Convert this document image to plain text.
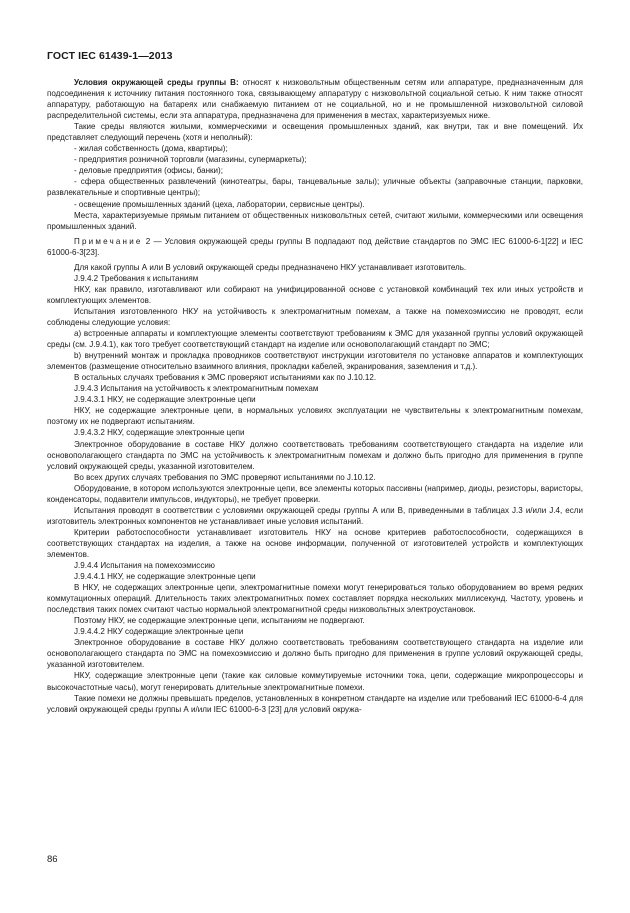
ГОСТ IEC 61439-1—2013

Условия окружающей среды группы В: относят к низковольтным общественным сетям или аппаратуре, предназначенным для подсоединения к источнику питания постоянного тока, связывающему аппаратуру с низковольтной социальной сетью. К ним также относят аппаратуру, работающую на батареях или снабжаемую питанием от не социальной, но и не промышленной низковольтной силовой распределительной системы, если эта аппаратура, предназначена для применения в местах, характеризуемых ниже.

Такие среды являются жилыми, коммерческими и освещения промышленных зданий, как внутри, так и вне помещений. Их представляет следующий перечень (хотя и неполный):

- жилая собственность (дома, квартиры);

- предприятия розничной торговли (магазины, супермаркеты);

- деловые предприятия (офисы, банки);

- сфера общественных развлечений (кинотеатры, бары, танцевальные залы); уличные объекты (заправочные станции, парковки, развлекательные и спортивные центры);

- освещение промышленных зданий (цеха, лаборатории, сервисные центры).

Места, характеризуемые прямым питанием от общественных низковольтных сетей, считают жилыми, коммерческими или освещения промышленных зданий.

Примечание 2 — Условия окружающей среды группы В подпадают под действие стандартов по ЭМС IEC 61000-6-1[22] и IEC 61000-6-3[23].

Для какой группы А или В условий окружающей среды предназначено НКУ устанавливает изготовитель.

J.9.4.2 Требования к испытаниям

НКУ, как правило, изготавливают или собирают на унифицированной основе с установкой комбинаций тех или иных устройств и комплектующих элементов.

Испытания изготовленного НКУ на устойчивость к электромагнитным помехам, а также на помехоэмиссию не проводят, если соблюдены следующие условия:

а) встроенные аппараты и комплектующие элементы соответствуют требованиям к ЭМС для указанной группы условий окружающей среды (см. J.9.4.1), как того требует соответствующий стандарт на изделие или основополагающий стандарт по ЭМС;

b) внутренний монтаж и прокладка проводников соответствуют инструкции изготовителя по установке аппаратов и комплектующих элементов (размещение относительно взаимного влияния, прокладки кабелей, экранирования, заземления и т.д.).

В остальных случаях требования к ЭМС проверяют испытаниями как по J.10.12.

J.9.4.3 Испытания на устойчивость к электромагнитным помехам

J.9.4.3.1 НКУ, не содержащие электронные цепи

НКУ, не содержащие электронные цепи, в нормальных условиях эксплуатации не чувствительны к электромагнитным помехам, поэтому их не подвергают испытаниям.

J.9.4.3.2 НКУ, содержащие электронные цепи

Электронное оборудование в составе НКУ должно соответствовать требованиям соответствующего стандарта на изделие или основополагающего стандарта по ЭМС на устойчивость к электромагнитным помехам и должно быть пригодно для применения в группе условий окружающей среды, указанной изготовителем.

Во всех других случаях требования по ЭМС проверяют испытаниями по J.10.12.

Оборудование, в котором используются электронные цепи, все элементы которых пассивны (например, диоды, резисторы, варисторы, конденсаторы, подавители импульсов, индукторы), не требует проверки.

Испытания проводят в соответствии с условиями окружающей среды группы А или В, приведенными в таблицах J.3 и/или J.4, если изготовитель электронных компонентов не устанавливает иные условия испытаний.

Критерии работоспособности устанавливает изготовитель НКУ на основе критериев работоспособности, содержащихся в соответствующих стандартах на изделия, а также на основе информации, полученной от изготовителей устройств и комплектующих элементов.

J.9.4.4 Испытания на помехоэмиссию

J.9.4.4.1 НКУ, не содержащие электронные цепи

В НКУ, не содержащих электронные цепи, электромагнитные помехи могут генерироваться только оборудованием во время редких коммутационных операций. Длительность таких электромагнитных помех составляет порядка нескольких миллисекунд. Частоту, уровень и последствия таких помех считают частью нормальной электромагнитной среды низковольтных электроустановок.

Поэтому НКУ, не содержащие электронные цепи, испытаниям не подвергают.

J.9.4.4.2 НКУ содержащие электронные цепи

Электронное оборудование в составе НКУ должно соответствовать требованиям соответствующего стандарта на изделие или основополагающего стандарта по ЭМС на помехоэмиссию и должно быть пригодно для применения в группе условий окружающей среды, указанной изготовителем.

НКУ, содержащие электронные цепи (такие как силовые коммутируемые источники тока, цепи, содержащие микропроцессоры и высокочастотные часы), могут генерировать длительные электромагнитные помехи.

Такие помехи не должны превышать пределов, установленных в конкретном стандарте на изделие или требований IEC 61000-6-4 для условий окружающей среды группы А и/или IEC 61000-6-3 [23] для условий окружа-

86
